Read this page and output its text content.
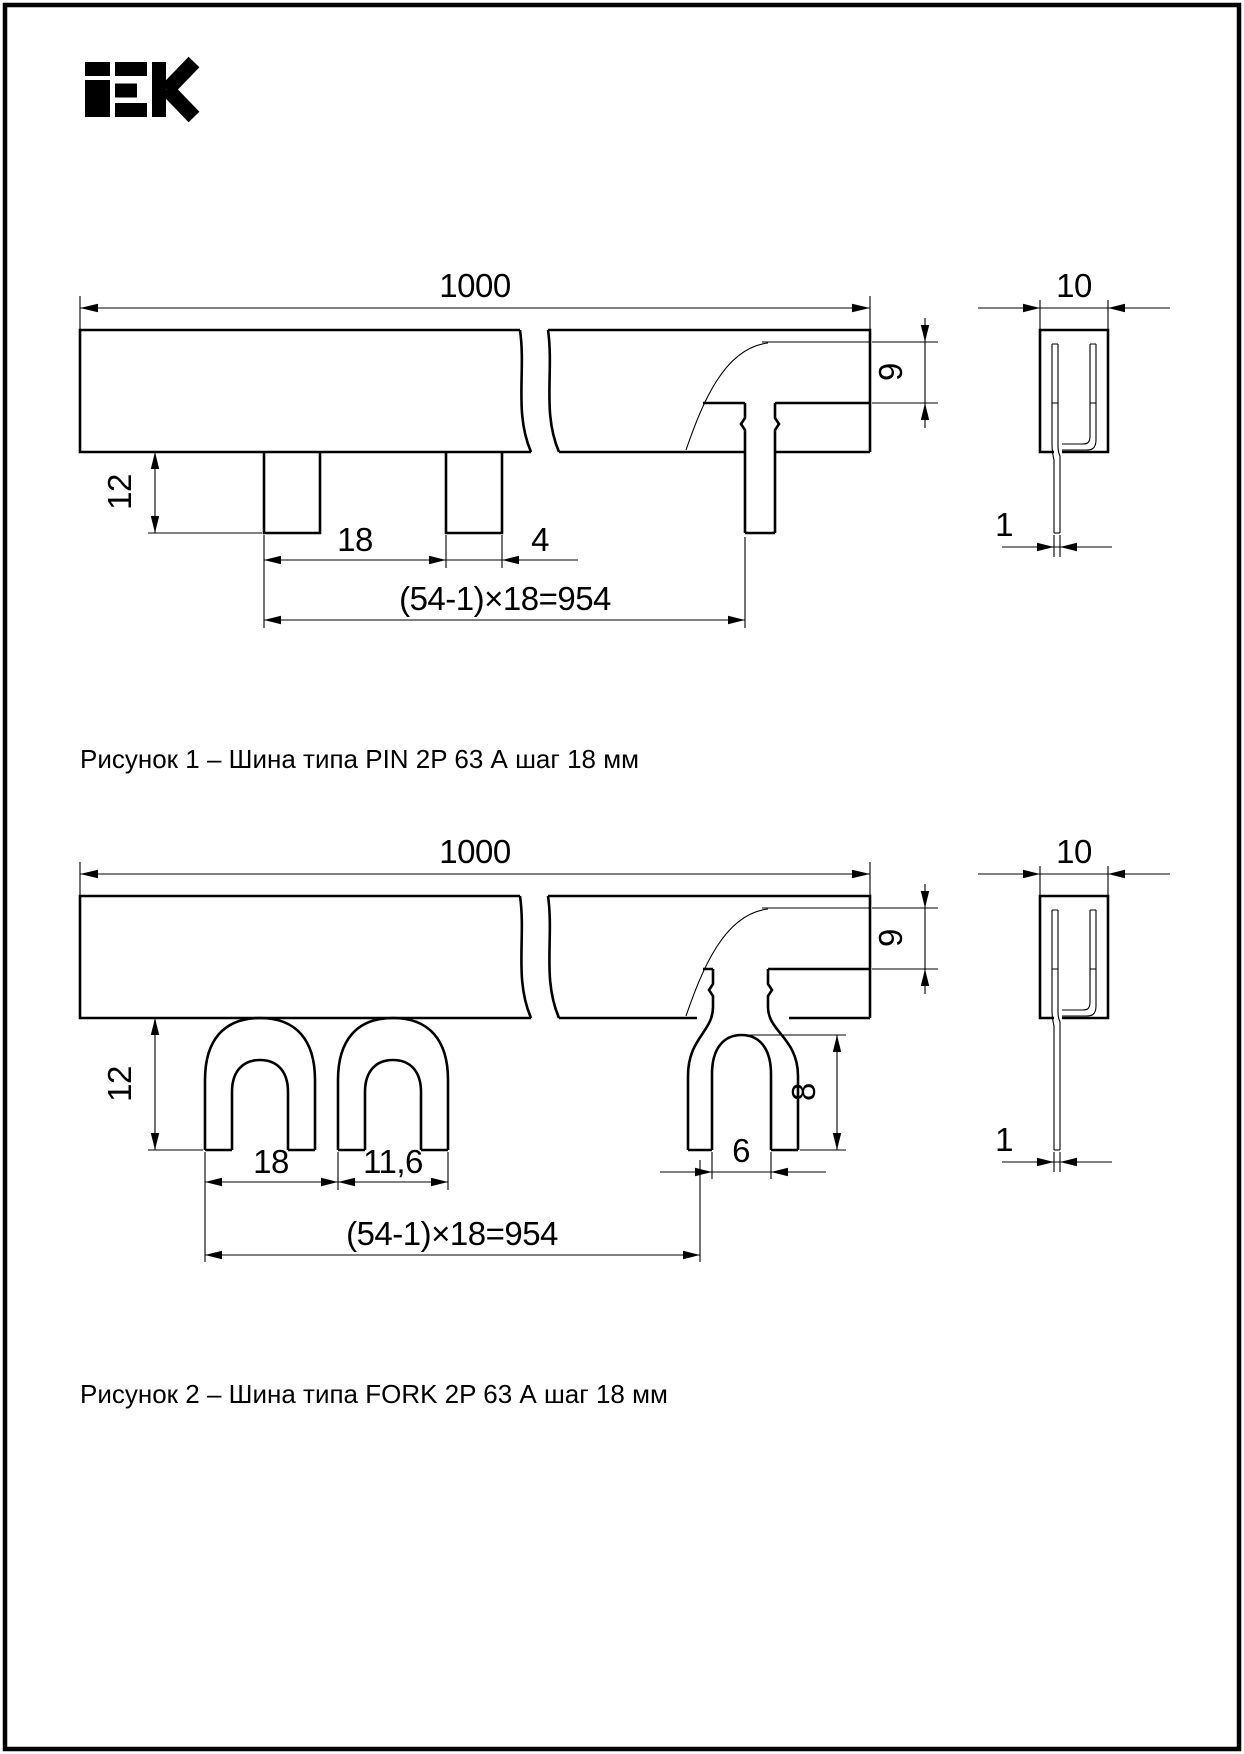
1000
12
18	4
(54-1)×18=954
9
10
1
Рисунок 1 – Шина типа PIN 2P 63 А шаг 18 мм
1000
12
18 11,6	6
8
(54-1)×18=954
9
10
1
Рисунок 2 – Шина типа FORK 2P 63 А шаг 18 мм
